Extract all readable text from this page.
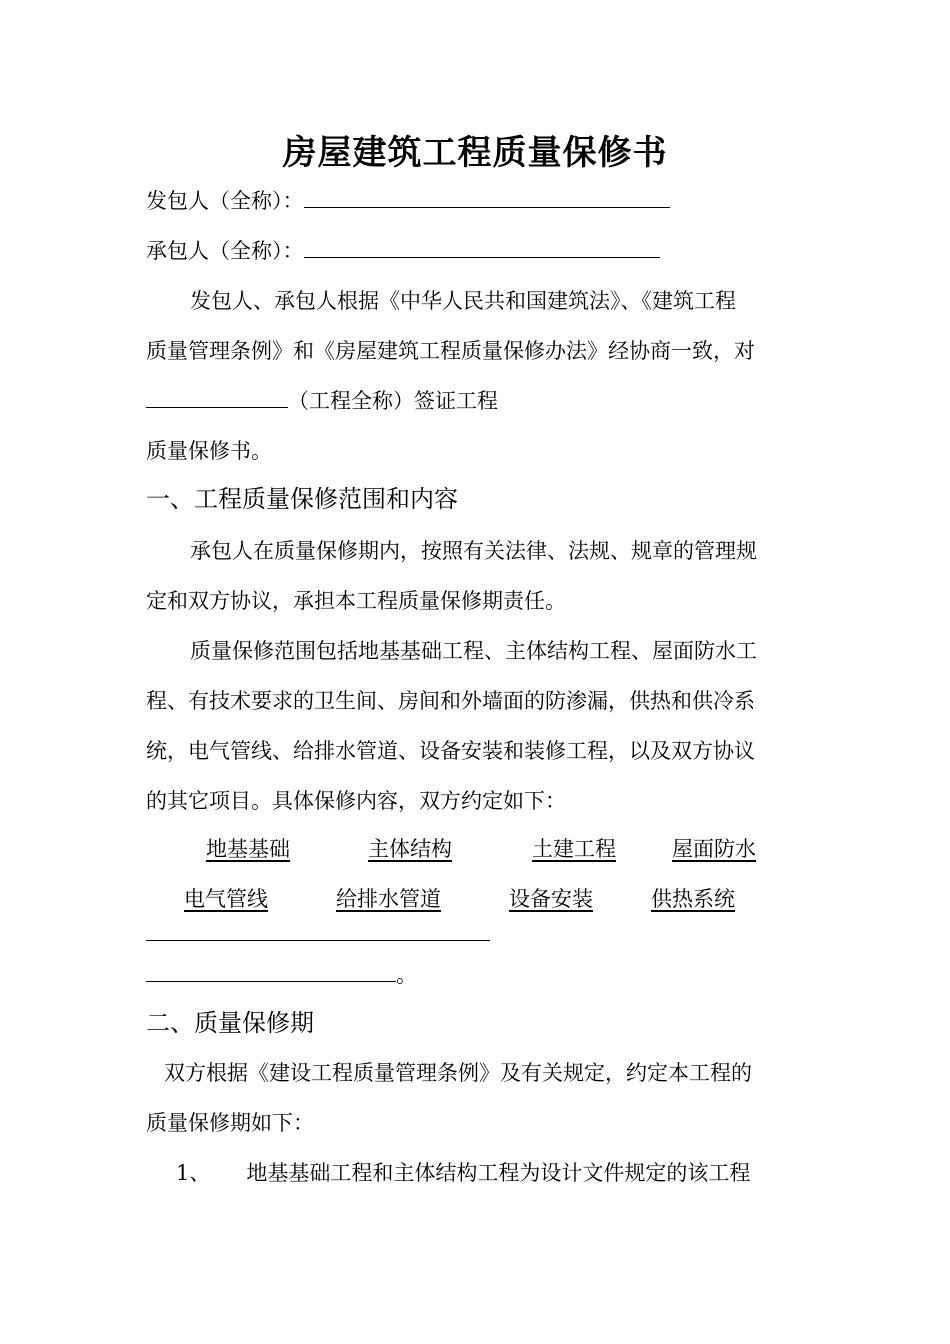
房屋建筑工程质量保修书
发包人（全称）：
承包人（全称）：
发包人、承包人根据《中华人民共和国建筑法》、《建筑工程
质量管理条例》和《房屋建筑工程质量保修办法》经协商一致，对
（工程全称）签证工程
质量保修书。
一、工程质量保修范围和内容
承包人在质量保修期内，按照有关法律、法规、规章的管理规
定和双方协议，承担本工程质量保修期责任。
质量保修范围包括地基基础工程、主体结构工程、屋面防水工
程、有技术要求的卫生间、房间和外墙面的防渗漏，供热和供冷系
统，电气管线、给排水管道、设备安装和装修工程，以及双方协议
的其它项目。具体保修内容，双方约定如下：
地基基础	主体结构	土建工程	屋面防水
电气管线	给排水管道	设备安装	供热系统
。
二、质量保修期
双方根据《建设工程质量管理条例》及有关规定，约定本工程的
质量保修期如下：
1、 地基基础工程和主体结构工程为设计文件规定的该工程
